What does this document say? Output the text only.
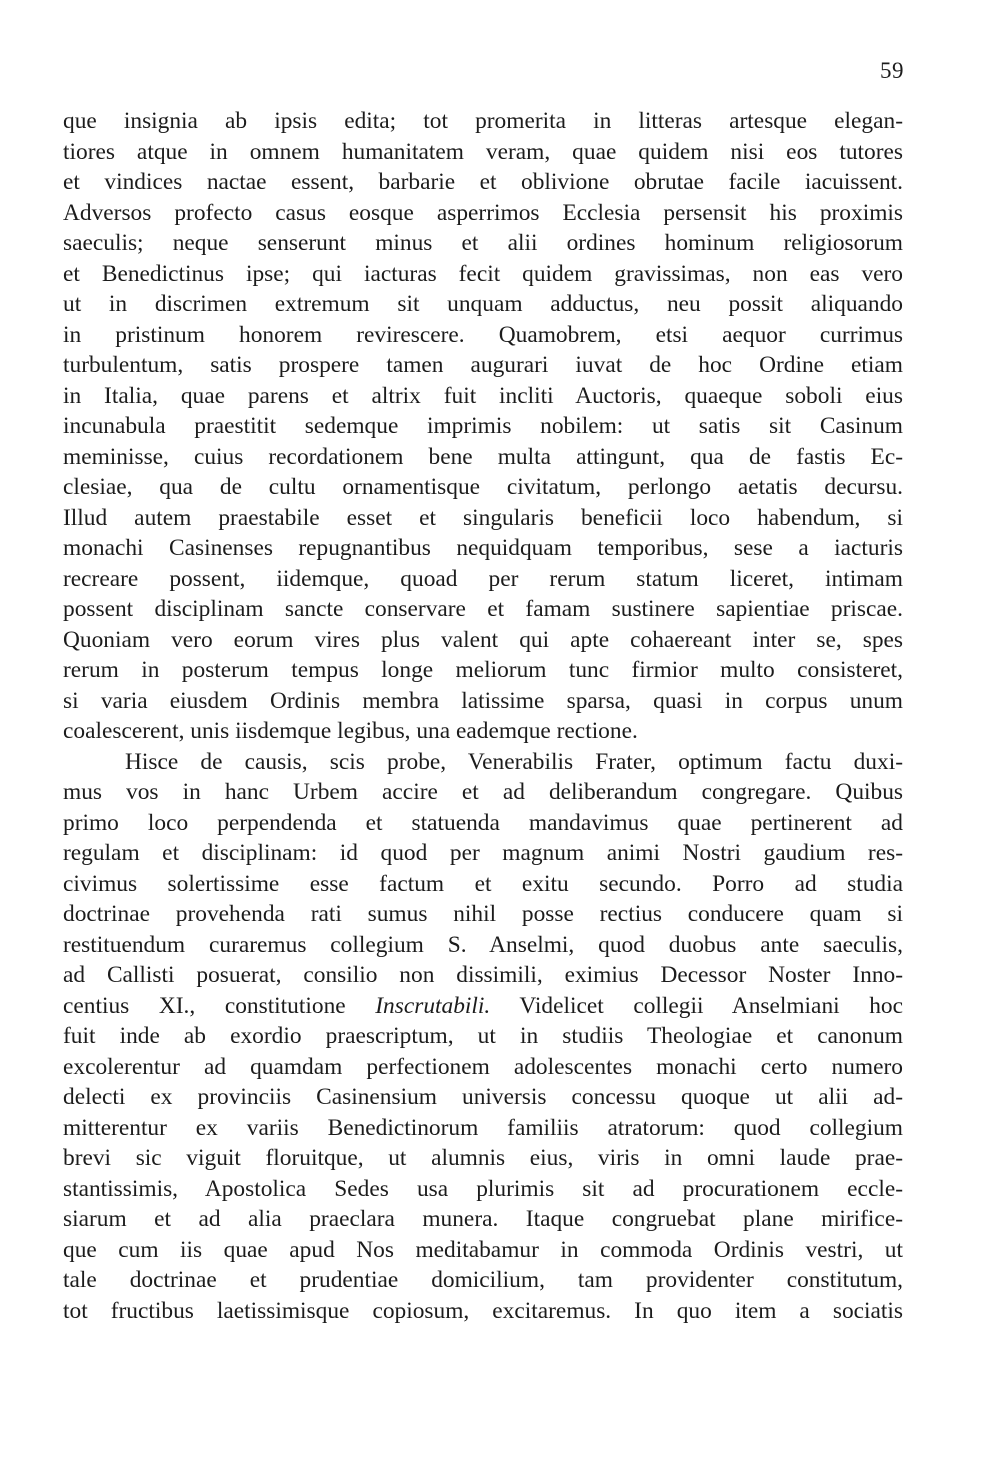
59
que insignia ab ipsis edita; tot promerita in litteras artesque elegan-
tiores atque in omnem humanitatem veram, quae quidem nisi eos tutores
et vindices nactae essent, barbarie et oblivione obrutae facile iacuissent.
Adversos profecto casus eosque asperrimos Ecclesia persensit his proximis
saeculis; neque senserunt minus et alii ordines hominum religiosorum
et Benedictinus ipse; qui iacturas fecit quidem gravissimas, non eas vero
ut in discrimen extremum sit unquam adductus, neu possit aliquando
in pristinum honorem revirescere. Quamobrem, etsi aequor currimus
turbulentum, satis prospere tamen augurari iuvat de hoc Ordine etiam
in Italia, quae parens et altrix fuit incliti Auctoris, quaeque soboli eius
incunabula praestitit sedemque imprimis nobilem: ut satis sit Casinum
meminisse, cuius recordationem bene multa attingunt, qua de fastis Ec-
clesiae, qua de cultu ornamentisque civitatum, perlongo aetatis decursu.
Illud autem praestabile esset et singularis beneficii loco habendum, si
monachi Casinenses repugnantibus nequidquam temporibus, sese a iacturis
recreare possent, iidemque, quoad per rerum statum liceret, intimam
possent disciplinam sancte conservare et famam sustinere sapientiae priscae.
Quoniam vero eorum vires plus valent qui apte cohaereant inter se, spes
rerum in posterum tempus longe meliorum tunc firmior multo consisteret,
si varia eiusdem Ordinis membra latissime sparsa, quasi in corpus unum
coalescerent, unis iisdemque legibus, una eademque rectione.
Hisce de causis, scis probe, Venerabilis Frater, optimum factu duxi-
mus vos in hanc Urbem accire et ad deliberandum congregare. Quibus
primo loco perpendenda et statuenda mandavimus quae pertinerent ad
regulam et disciplinam: id quod per magnum animi Nostri gaudium res-
civimus solertissime esse factum et exitu secundo. Porro ad studia
doctrinae provehenda rati sumus nihil posse rectius conducere quam si
restituendum curaremus collegium S. Anselmi, quod duobus ante saeculis,
ad Callisti posuerat, consilio non dissimili, eximius Decessor Noster Inno-
centius XI., constitutione Inscrutabili. Videlicet collegii Anselmiani hoc
fuit inde ab exordio praescriptum, ut in studiis Theologiae et canonum
excolerentur ad quamdam perfectionem adolescentes monachi certo numero
delecti ex provinciis Casinensium universis concessu quoque ut alii ad-
mitterentur ex variis Benedictinorum familiis atratorum: quod collegium
brevi sic viguit floruitque, ut alumnis eius, viris in omni laude prae-
stantissimis, Apostolica Sedes usa plurimis sit ad procurationem eccle-
siarum et ad alia praeclara munera. Itaque congruebat plane mirifice-
que cum iis quae apud Nos meditabamur in commoda Ordinis vestri, ut
tale doctrinae et prudentiae domicilium, tam providenter constitutum,
tot fructibus laetissimisque copiosum, excitaremus. In quo item a sociatis
